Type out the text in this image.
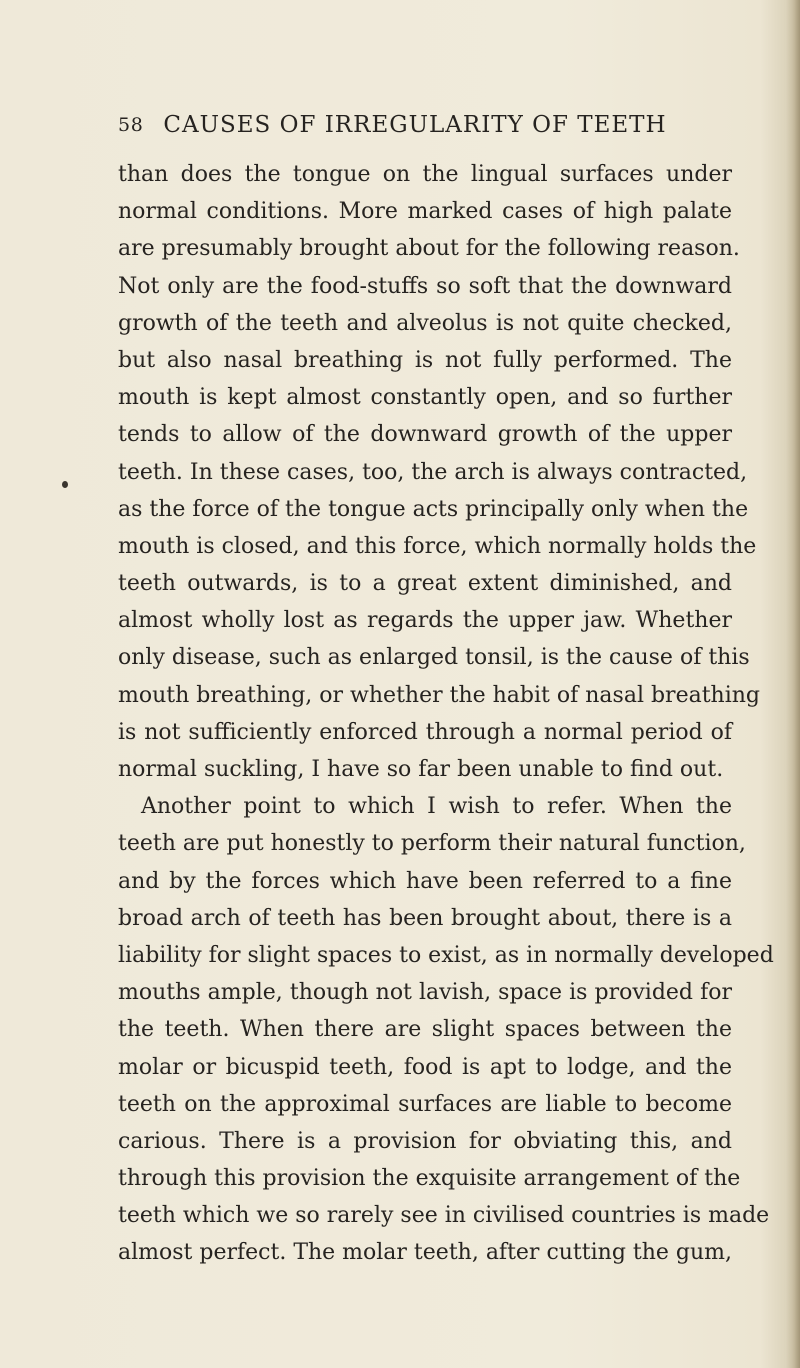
58 CAUSES OF IRREGULARITY OF TEETH
than does the tongue on the lingual surfaces under
normal conditions. More marked cases of high palate
are presumably brought about for the following reason.
Not only are the food-stuffs so soft that the downward
growth of the teeth and alveolus is not quite checked,
but also nasal breathing is not fully performed. The
mouth is kept almost constantly open, and so further
tends to allow of the downward growth of the upper
teeth. In these cases, too, the arch is always contracted,
as the force of the tongue acts principally only when the
mouth is closed, and this force, which normally holds the
teeth outwards, is to a great extent diminished, and
almost wholly lost as regards the upper jaw. Whether
only disease, such as enlarged tonsil, is the cause of this
mouth breathing, or whether the habit of nasal breathing
is not sufficiently enforced through a normal period of
normal suckling, I have so far been unable to find out.
Another point to which I wish to refer. When the
teeth are put honestly to perform their natural function,
and by the forces which have been referred to a fine
broad arch of teeth has been brought about, there is a
liability for slight spaces to exist, as in normally developed
mouths ample, though not lavish, space is provided for
the teeth. When there are slight spaces between the
molar or bicuspid teeth, food is apt to lodge, and the
teeth on the approximal surfaces are liable to become
carious. There is a provision for obviating this, and
through this provision the exquisite arrangement of the
teeth which we so rarely see in civilised countries is made
almost perfect. The molar teeth, after cutting the gum,
